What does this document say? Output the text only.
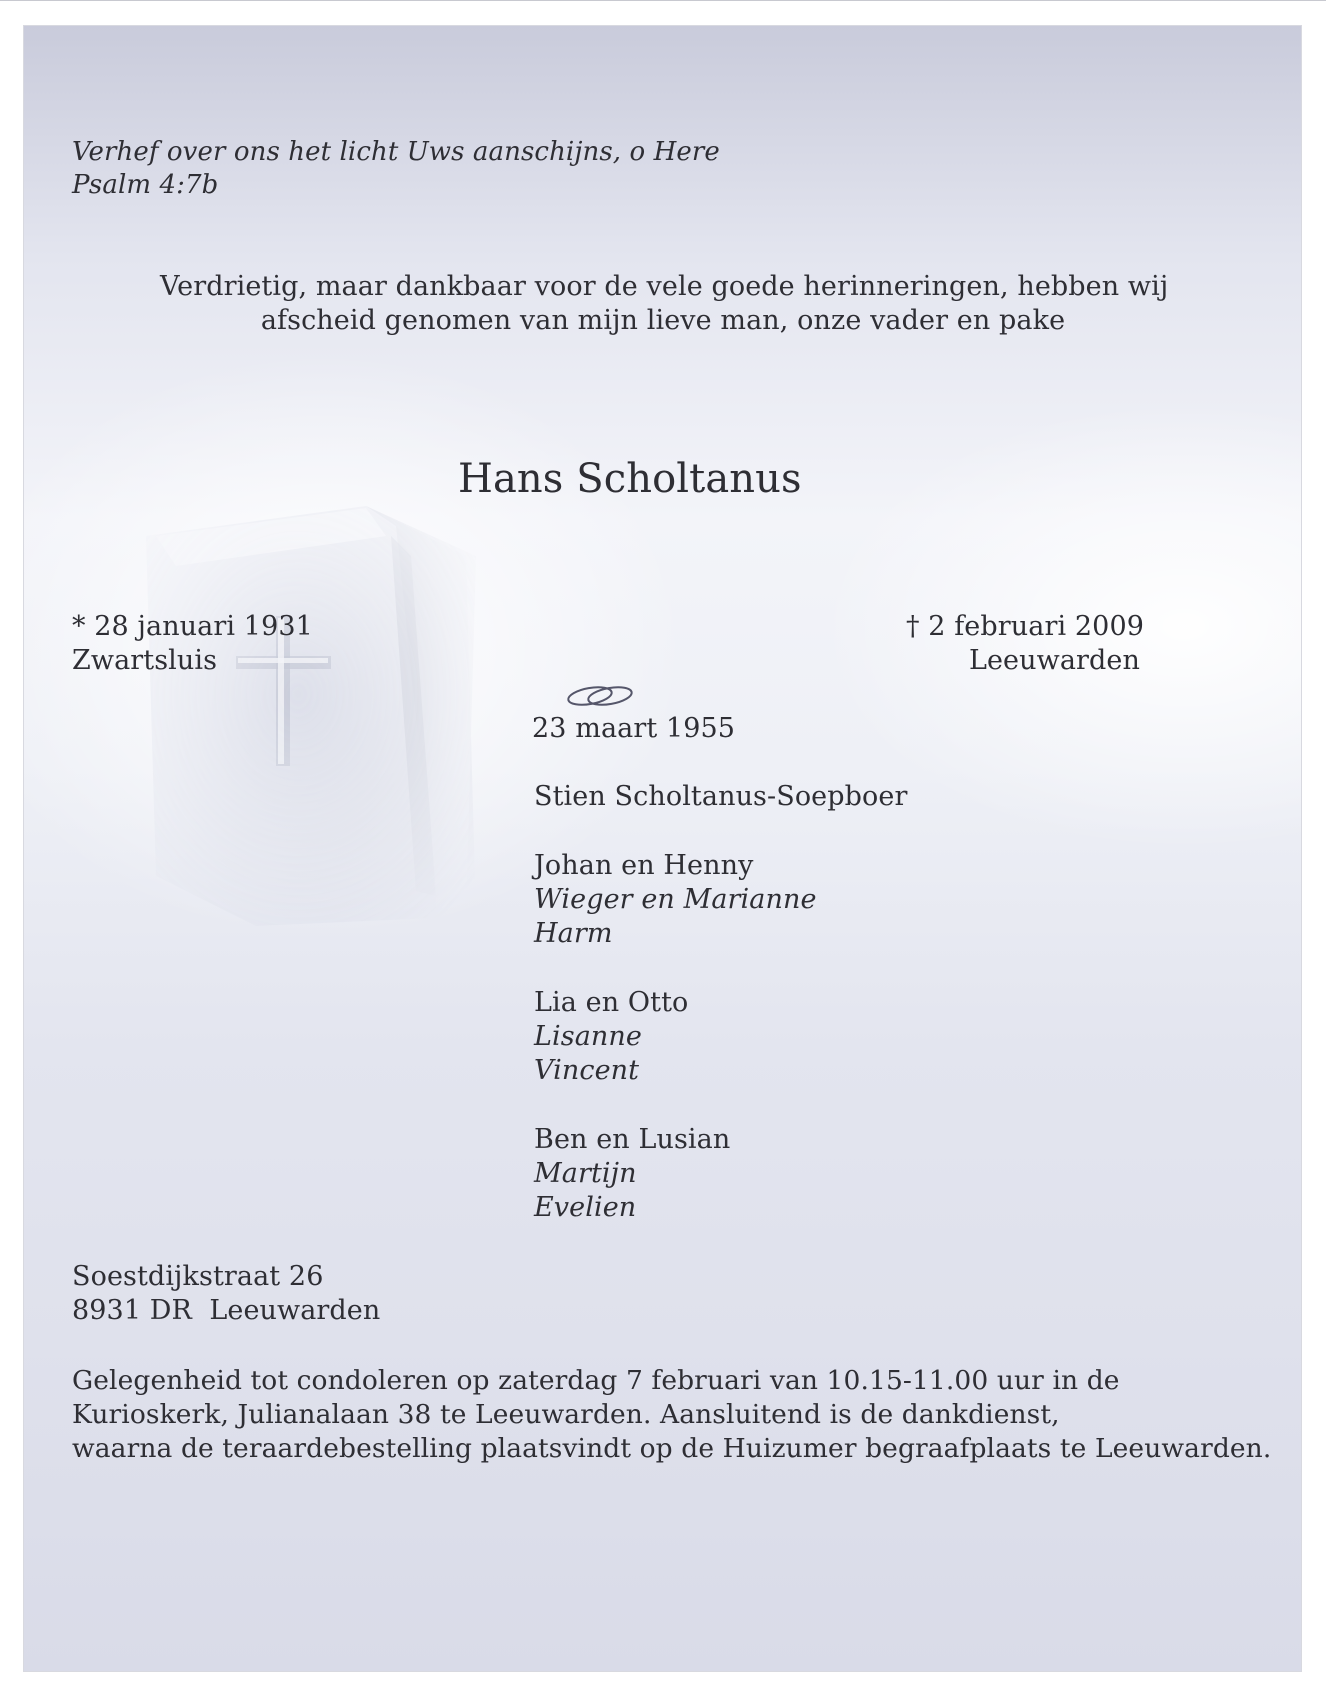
Verhef over ons het licht Uws aanschijns, o Here
Psalm 4:7b
Verdrietig, maar dankbaar voor de vele goede herinneringen, hebben wij
afscheid genomen van mijn lieve man, onze vader en pake
Hans Scholtanus
* 28 januari 1931
Zwartsluis
† 2 februari 2009
Leeuwarden
23 maart 1955
Stien Scholtanus-Soepboer
Johan en Henny
Wieger en Marianne
Harm
Lia en Otto
Lisanne
Vincent
Ben en Lusian
Martijn
Evelien
Soestdijkstraat 26
8931 DR  Leeuwarden
Gelegenheid tot condoleren op zaterdag 7 februari van 10.15-11.00 uur in de
Kurioskerk, Julianalaan 38 te Leeuwarden. Aansluitend is de dankdienst,
waarna de teraardebestelling plaatsvindt op de Huizumer begraafplaats te Leeuwarden.
